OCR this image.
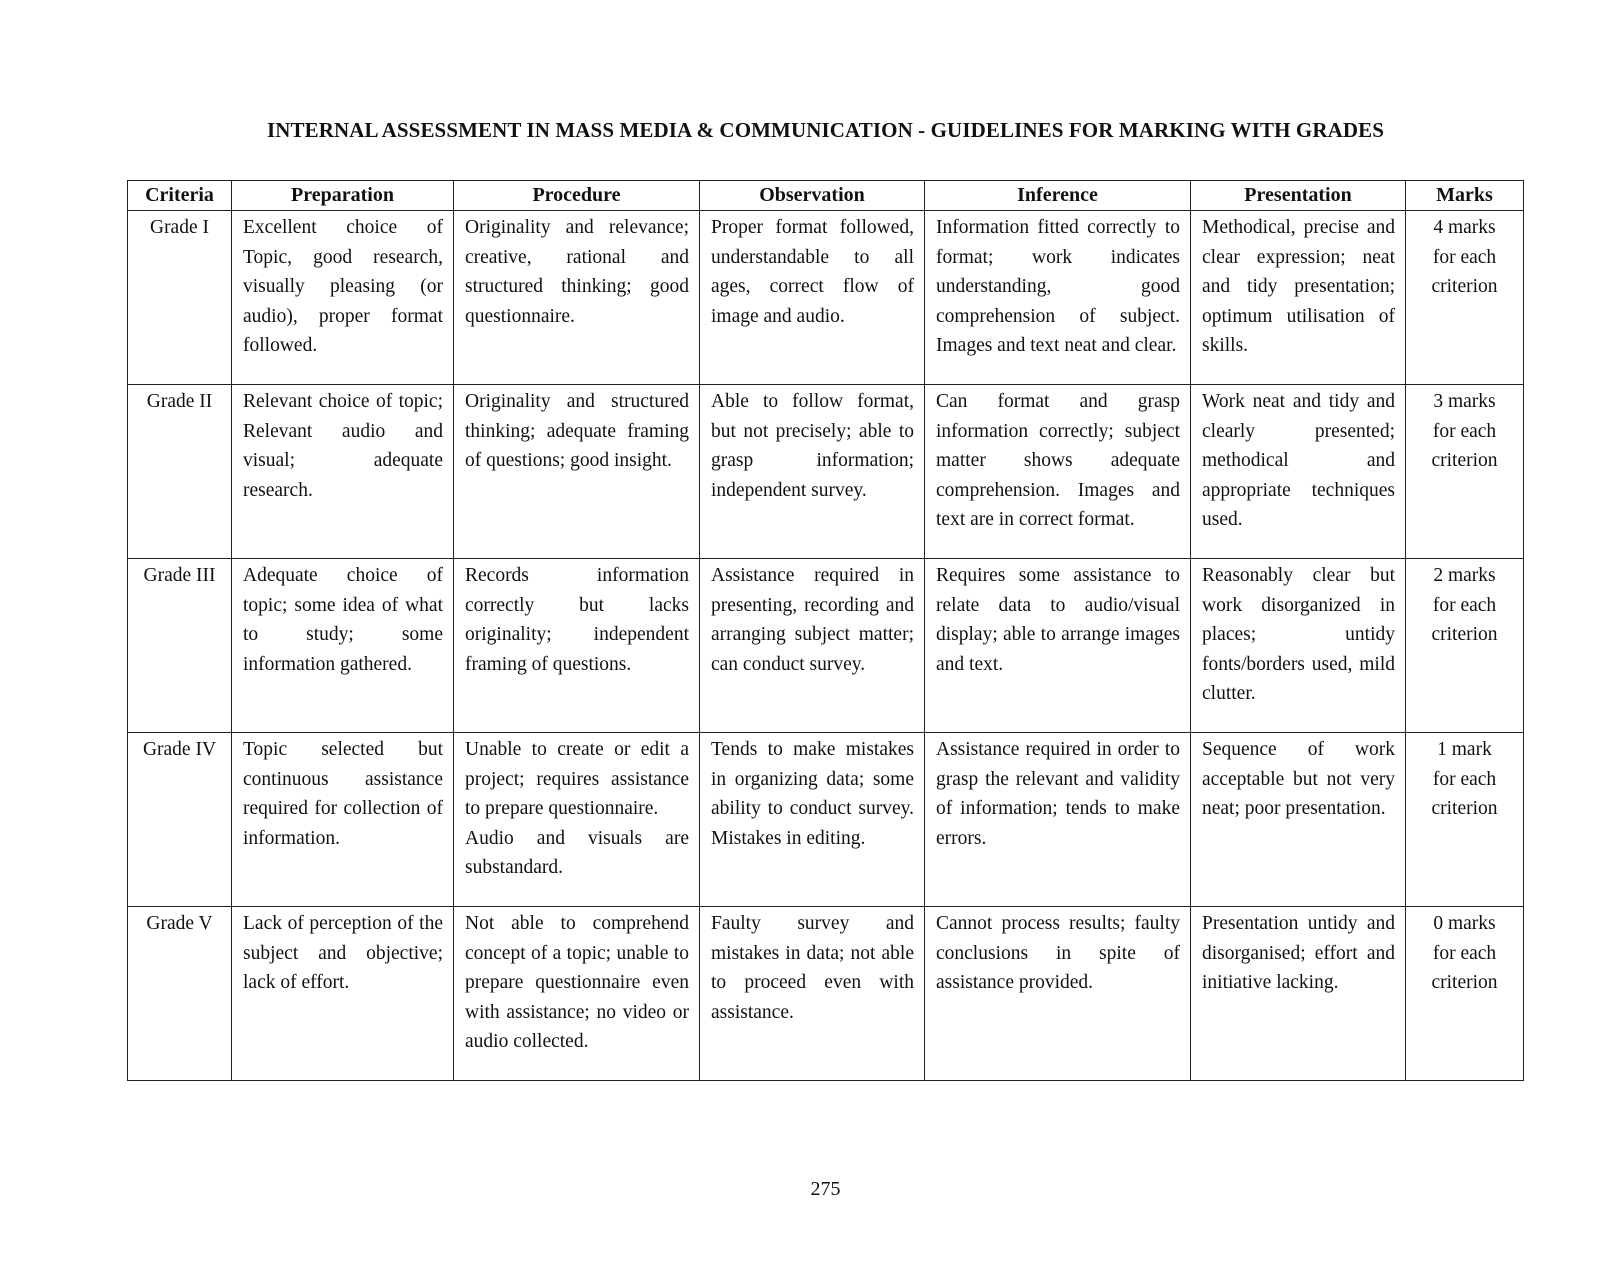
INTERNAL ASSESSMENT IN MASS MEDIA & COMMUNICATION - GUIDELINES FOR MARKING WITH GRADES
Criteria	Preparation	Procedure	Observation	Inference	Presentation	Marks
Grade I	Excellent choice of Topic, good research, visually pleasing (or audio), proper format followed.	Originality and relevance; creative, rational and structured thinking; good questionnaire.	Proper format followed, understandable to all ages, correct flow of image and audio.	Information fitted correctly to format; work indicates understanding, good comprehension of subject. Images and text neat and clear.	Methodical, precise and clear expression; neat and tidy presentation; optimum utilisation of skills.	4 marks
for each
criterion

Grade II	Relevant choice of topic; Relevant audio and visual; adequate research.	Originality and structured thinking; adequate framing of questions; good insight.	Able to follow format, but not precisely; able to grasp information; independent survey.	Can format and grasp information correctly; subject matter shows adequate comprehension. Images and text are in correct format.	Work neat and tidy and clearly presented; methodical and appropriate techniques used.	3 marks
for each
criterion

Grade III	Adequate choice of topic; some idea of what to study; some information gathered.	Records information correctly but lacks originality; independent framing of questions.	Assistance required in presenting, recording and arranging subject matter; can conduct survey.	Requires some assistance to relate data to audio/visual display; able to arrange images and text.	Reasonably clear but work disorganized in places; untidy fonts/borders used, mild clutter.	2 marks
for each
criterion

Grade IV	Topic selected but continuous assistance required for collection of information.	Unable to create or edit a project; requires assistance to prepare questionnaire.
Audio and visuals are substandard.	Tends to make mistakes in organizing data; some ability to conduct survey. Mistakes in editing.	Assistance required in order to grasp the relevant and validity of information; tends to make errors.	Sequence of work acceptable but not very neat; poor presentation.	1 mark
for each
criterion

Grade V	Lack of perception of the subject and objective; lack of effort.	Not able to comprehend concept of a topic; unable to prepare questionnaire even with assistance; no video or audio collected.	Faulty survey and mistakes in data; not able to proceed even with assistance.	Cannot process results; faulty conclusions in spite of assistance provided.	Presentation untidy and disorganised; effort and initiative lacking.	0 marks
for each
criterion
275
